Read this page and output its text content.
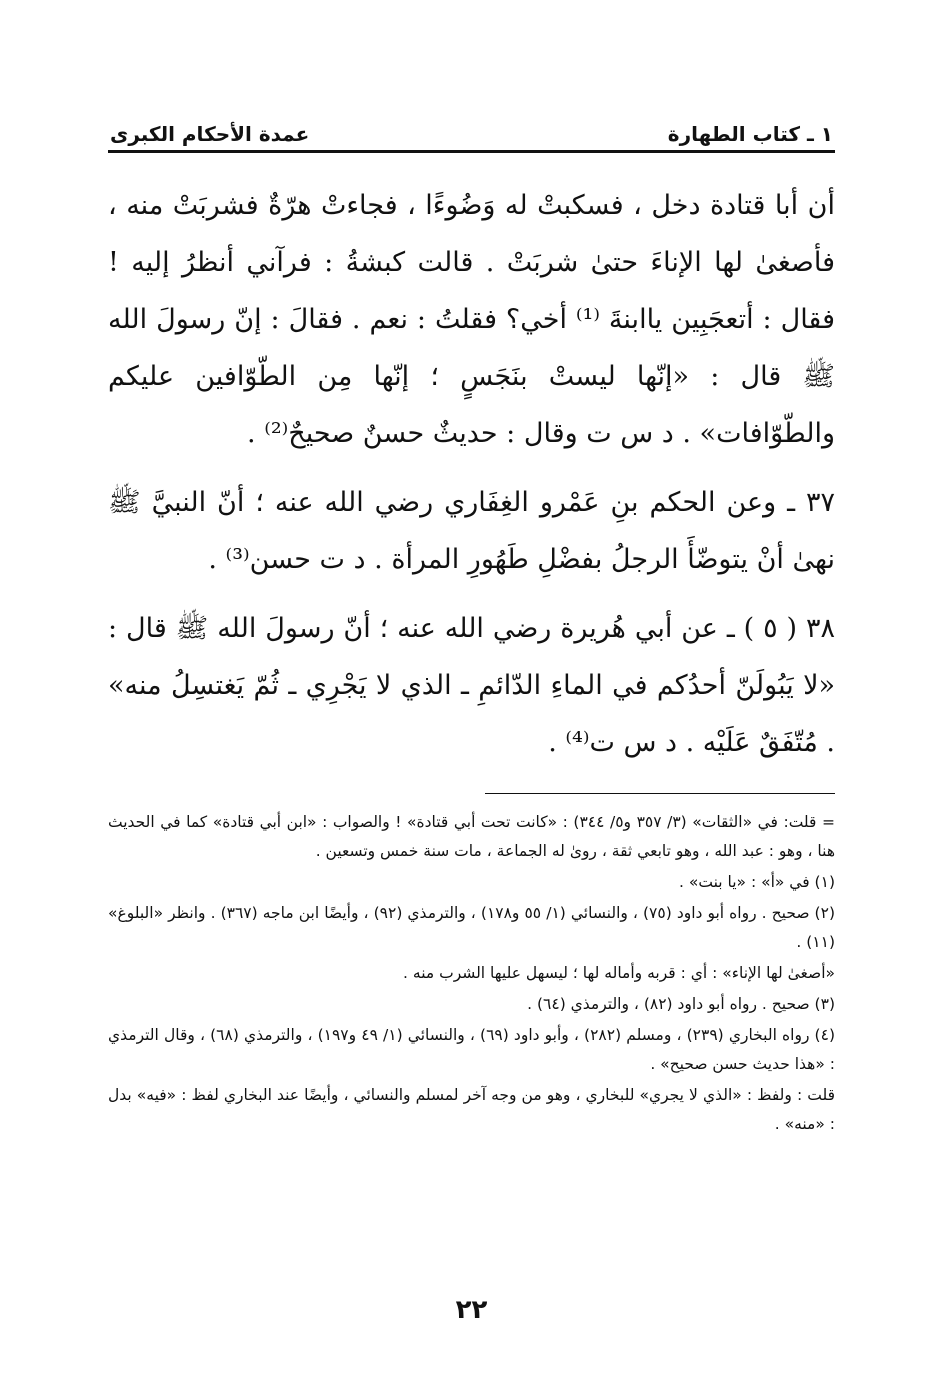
١ ـ كتاب الطهارة
عمدة الأحكام الكبرى

أن أبا قتادة دخل ، فسكبتْ له وَضُوءًا ، فجاءتْ هرّةٌ فشربَتْ منه ، فأصغىٰ لها الإناءَ حتىٰ شربَتْ . قالت كبشةُ : فرآني أنظرُ إليه ! فقال : أتعجَبِين ياابنةَ ⁽¹⁾ أخي؟ فقلتُ : نعم . فقالَ : إنّ رسولَ الله ﷺ قال : «إنّها ليستْ بنَجَسٍ ؛ إنّها مِن الطّوّافين عليكم والطّوّافات» . د س ت وقال : حديثٌ حسنٌ صحيحٌ⁽²⁾ .

٣٧ ـ وعن الحكم بنِ عَمْرو الغِفَاري رضي الله عنه ؛ أنّ النبيَّ ﷺ نهىٰ أنْ يتوضّأَ الرجلُ بفضْلِ طَهُورِ المرأة . د ت حسن⁽³⁾ .

٣٨ ( ٥ ) ـ عن أبي هُريرة رضي الله عنه ؛ أنّ رسولَ الله ﷺ قال : «لا يَبُولَنّ أحدُكم في الماءِ الدّائمِ ـ الذي لا يَجْرِي ـ ثُمّ يَغتسِلُ منه» . مُتّفَقٌ عَلَيْه . د س ت⁽⁴⁾ .

= قلت: في «الثقات» (٣/ ٣٥٧ و٥/ ٣٤٤) : «كانت تحت أبي قتادة» ! والصواب : «ابن أبي قتادة» كما في الحديث هنا ، وهو : عبد الله ، وهو تابعي ثقة ، روىٰ له الجماعة ، مات سنة خمس وتسعين .

(١) في «أ» : «يا بنت» .

(٢) صحيح . رواه أبو داود (٧٥) ، والنسائي (١/ ٥٥ و١٧٨) ، والترمذي (٩٢) ، وأيضًا ابن ماجه (٣٦٧) . وانظر «البلوغ» (١١) .

«أصغىٰ لها الإناء» : أي : قربه وأماله لها ؛ ليسهل عليها الشرب منه .

(٣) صحيح . رواه أبو داود (٨٢) ، والترمذي (٦٤) .

(٤) رواه البخاري (٢٣٩) ، ومسلم (٢٨٢) ، وأبو داود (٦٩) ، والنسائي (١/ ٤٩ و١٩٧) ، والترمذي (٦٨) ، وقال الترمذي : «هذا حديث حسن صحيح» .

قلت : ولفظ : «الذي لا يجري» للبخاري ، وهو من وجه آخر لمسلم والنسائي ، وأيضًا عند البخاري لفظ : «فيه» بدل : «منه» .

٢٢
